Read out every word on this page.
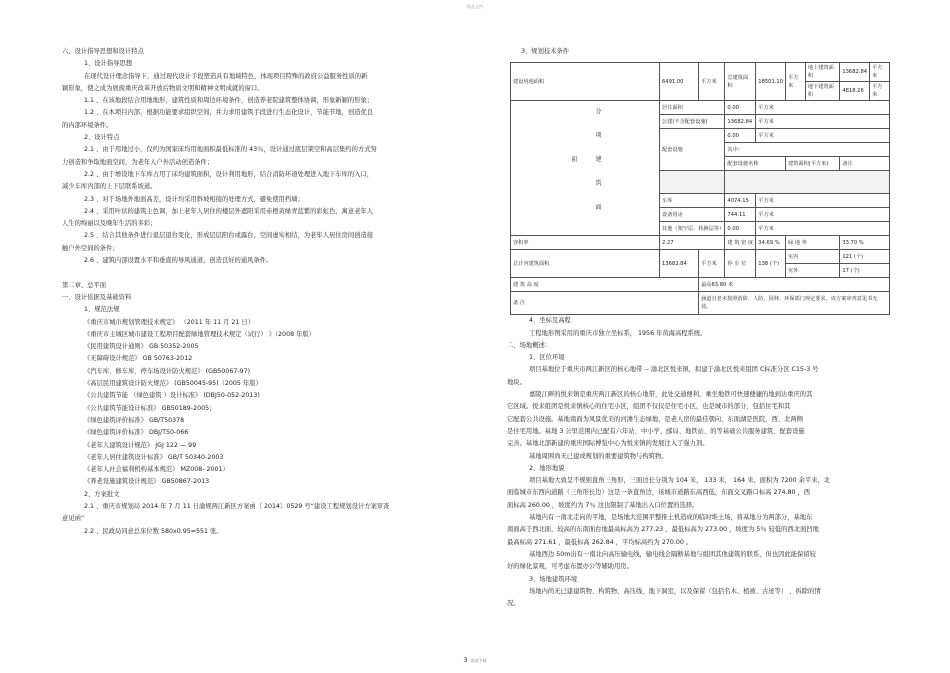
精品文档

六、设计指导思想和设计特点

1、设计指导思想

在现代设计理念指导下，通过现代设计手段塑造具有地域特色，体现项目特殊的政府公益服务性质的新

颖形象，使之成为展现重庆改革开放后物质文明和精神文明成就的窗口。

1.1 、在该地段结合用地地形，建筑性质和周边环境条件，创造养老院建筑整体协调，形象新颖的形象；

1.2 、在本项目内部，根据功能要求组织空间，并力求用建筑手段进行生态化设计，节能节地，创造优良

的内部环境条件。

2、设计特点

2.1 、由于用地过小，仅约为国家床均用地面积最低标准的 43％，设计通过底层架空和高层集约的方式努

力创造和争取地面空间，为老年人户外活动创造条件；

2.2 、由于增设地下车库占用了床均建筑面积，设计利用地形，结合消防环道处理进入地下车库的入口，

减少车库内部的上下层联系坡道。

2.3 、对于场地外地面高差，设计均采用斜坡相接的处理方式，避免使用挡墙；

2.4 、采用叶状的建筑主色调，加上老年人居住的楼层外遮阳采用赤橙黄绿青蓝紫的彩虹色，寓意老年人

人生的绚丽以及晚年生活的多彩；

2.5 、结合其他条件进行退层退台变化，形成层层阳台或露台，空间虚实相结，为老年人居住房间创造接

触户外空间的条件；

2.6 、建筑内部设置水平和垂直的导风通道，创造良好的通风条件。

第二章、总平面

一、设计依据及基础资料

1、规范法规

《重庆市城市规划管理技术规定》 （2011 年 11 月 21 日）

《重庆市主城区城市建设工程项目配套绿地管理技术规定（试行） 》（2008 年版）

《民用建筑设计通则》 GB 50352-2005

《无障碍设计规范》 GB 50763-2012

《汽车库、修车库、停车场设计防火规范》 (GB50067-97)

《高层民用建筑设计防火规范》 (GB50045-95)（2005 年版）

《公共建筑节能 （绿色建筑 ）设计标准》 (DBJ50-052-2013)

《公共建筑节能设计标准》 GB50189-2005；

《绿色建筑评价标准》 GB/T50378

《绿色建筑评价标准》 DBJ/T50-066

《老年人建筑设计规范》 JGJ 122 — 99

《老年人居住建筑设计标准》 GB/T 50340-2003

《老年人社会福利机构基本规范》 MZ008- 2001）

《养老设施建筑设计规范》 GB50867-2013

2、方案批文

2.1 、重庆市规划局 2014 年 7 月 11 日渝规两江新区方案函〔 2014〕0529 号“建设工程规划设计方案审查

意见函”

2.2 、民政局同意总床位数 580x0.95=551 张。

3、规划技术条件

建设用地面积	6491.00	平方米	总建筑面积	18501.10	平方米	地上建筑面积	13682.84	平方米
						地下建筑面积	4818.26	平方米
分 项 建 筑 面 积	居住面积		0.00	平方米				
	公建(不含配套设施)		13682.84	平方米				
	配套设施		0.00	平方米				
			其中：					
			配套设施名称		建筑面积(平方米)		备注	

	车库		4074.15	平方米				
	设备用房		744.11	平方米				
	其他（架空层、转换层等）		0.00	平方米				
容积率	2.27		建 筑 密 度	34.69 %	绿 地 率		33.70 %	
总计容建筑面积	13682.84	平方米	停 车 位	138 (个)	室内		121 (个)	
					室外		17 (个)	
建 筑 高 度		最高63.80 米						
备 注		涵道且老未按照消防、人防、园林、环保部门规定要求，该方案审查意见书无效。						

4、坐标及高程

工程地形图采用的重庆市独立坐标系， 1956 年黄海高程系统。

二、场地概述：

1、区位环境

项目基地位于重庆市两江新区的核心地带 -- 渝北区悦来镇，拟建于渝北区悦来组团 C标准分区 C15-3 号

地块。

嘉陵江畔的悦来镇是重庆两江新区的核心地带，此处交通便利，乘坐地铁可快速便捷的地到达重庆的其

它区域。悦来组团是悦来镇核心的住宅小区，组团不仅仅是住宅小区，也是城市的部分，包括住宅和其

它配套公共设施。基地南面为风景优美的河滩生态绿地，是老人房的最佳朝向，东面湖是医院，西、北两侧

是住宅用地。基地 3 公里范围内已配有六年站、中小学、邮局、地铁站、的等基础公共服务建筑，配套设施

完善。基地北部新建的重庆国际博览中心为悦来镇的发展注入了强力剂。

基地周围尚无已建或规划的重要建筑物与构筑物。

2、地形地貌

项目基地大致呈不规则直角三角形，三面边长分别为 104 米， 133 米， 164 米，面积为 7200 余平米，北

面临城市东西向道路（三角形长边）这是一条直角边，该城市道路东高西低，东面交叉路口标高 274.80 ，西

面标高 260.00 ，坡度约为 7％ 这也限制了基地出入口位置的选择。

基地内有一南北走向的平地，是场地大范围平整推土机造成的临时堆土场，将基地分为两部分，基地东

南面高于西北面，较高的东南面台地最高标高为 277.23 ，最低标高为 273.00 ，坡度为 5％ 较低的西北面凹地

最高标高 271.61 ，最低标高 262.84 ，平均标高约为 270.00 。

基地西边 50m出有一南北向高压输电线，输电线会隔断基地与组团其他建筑的联系，但也因此能保留较

好的绿化景观，可考虑布置办公等辅助用房。

3、场地建筑环境

场地内尚无已建建筑物、构筑物、高压线、地下洞室，以及保留（包括名木、植被、古迹等） 、拆除的情

况。

3 欢迎下载
